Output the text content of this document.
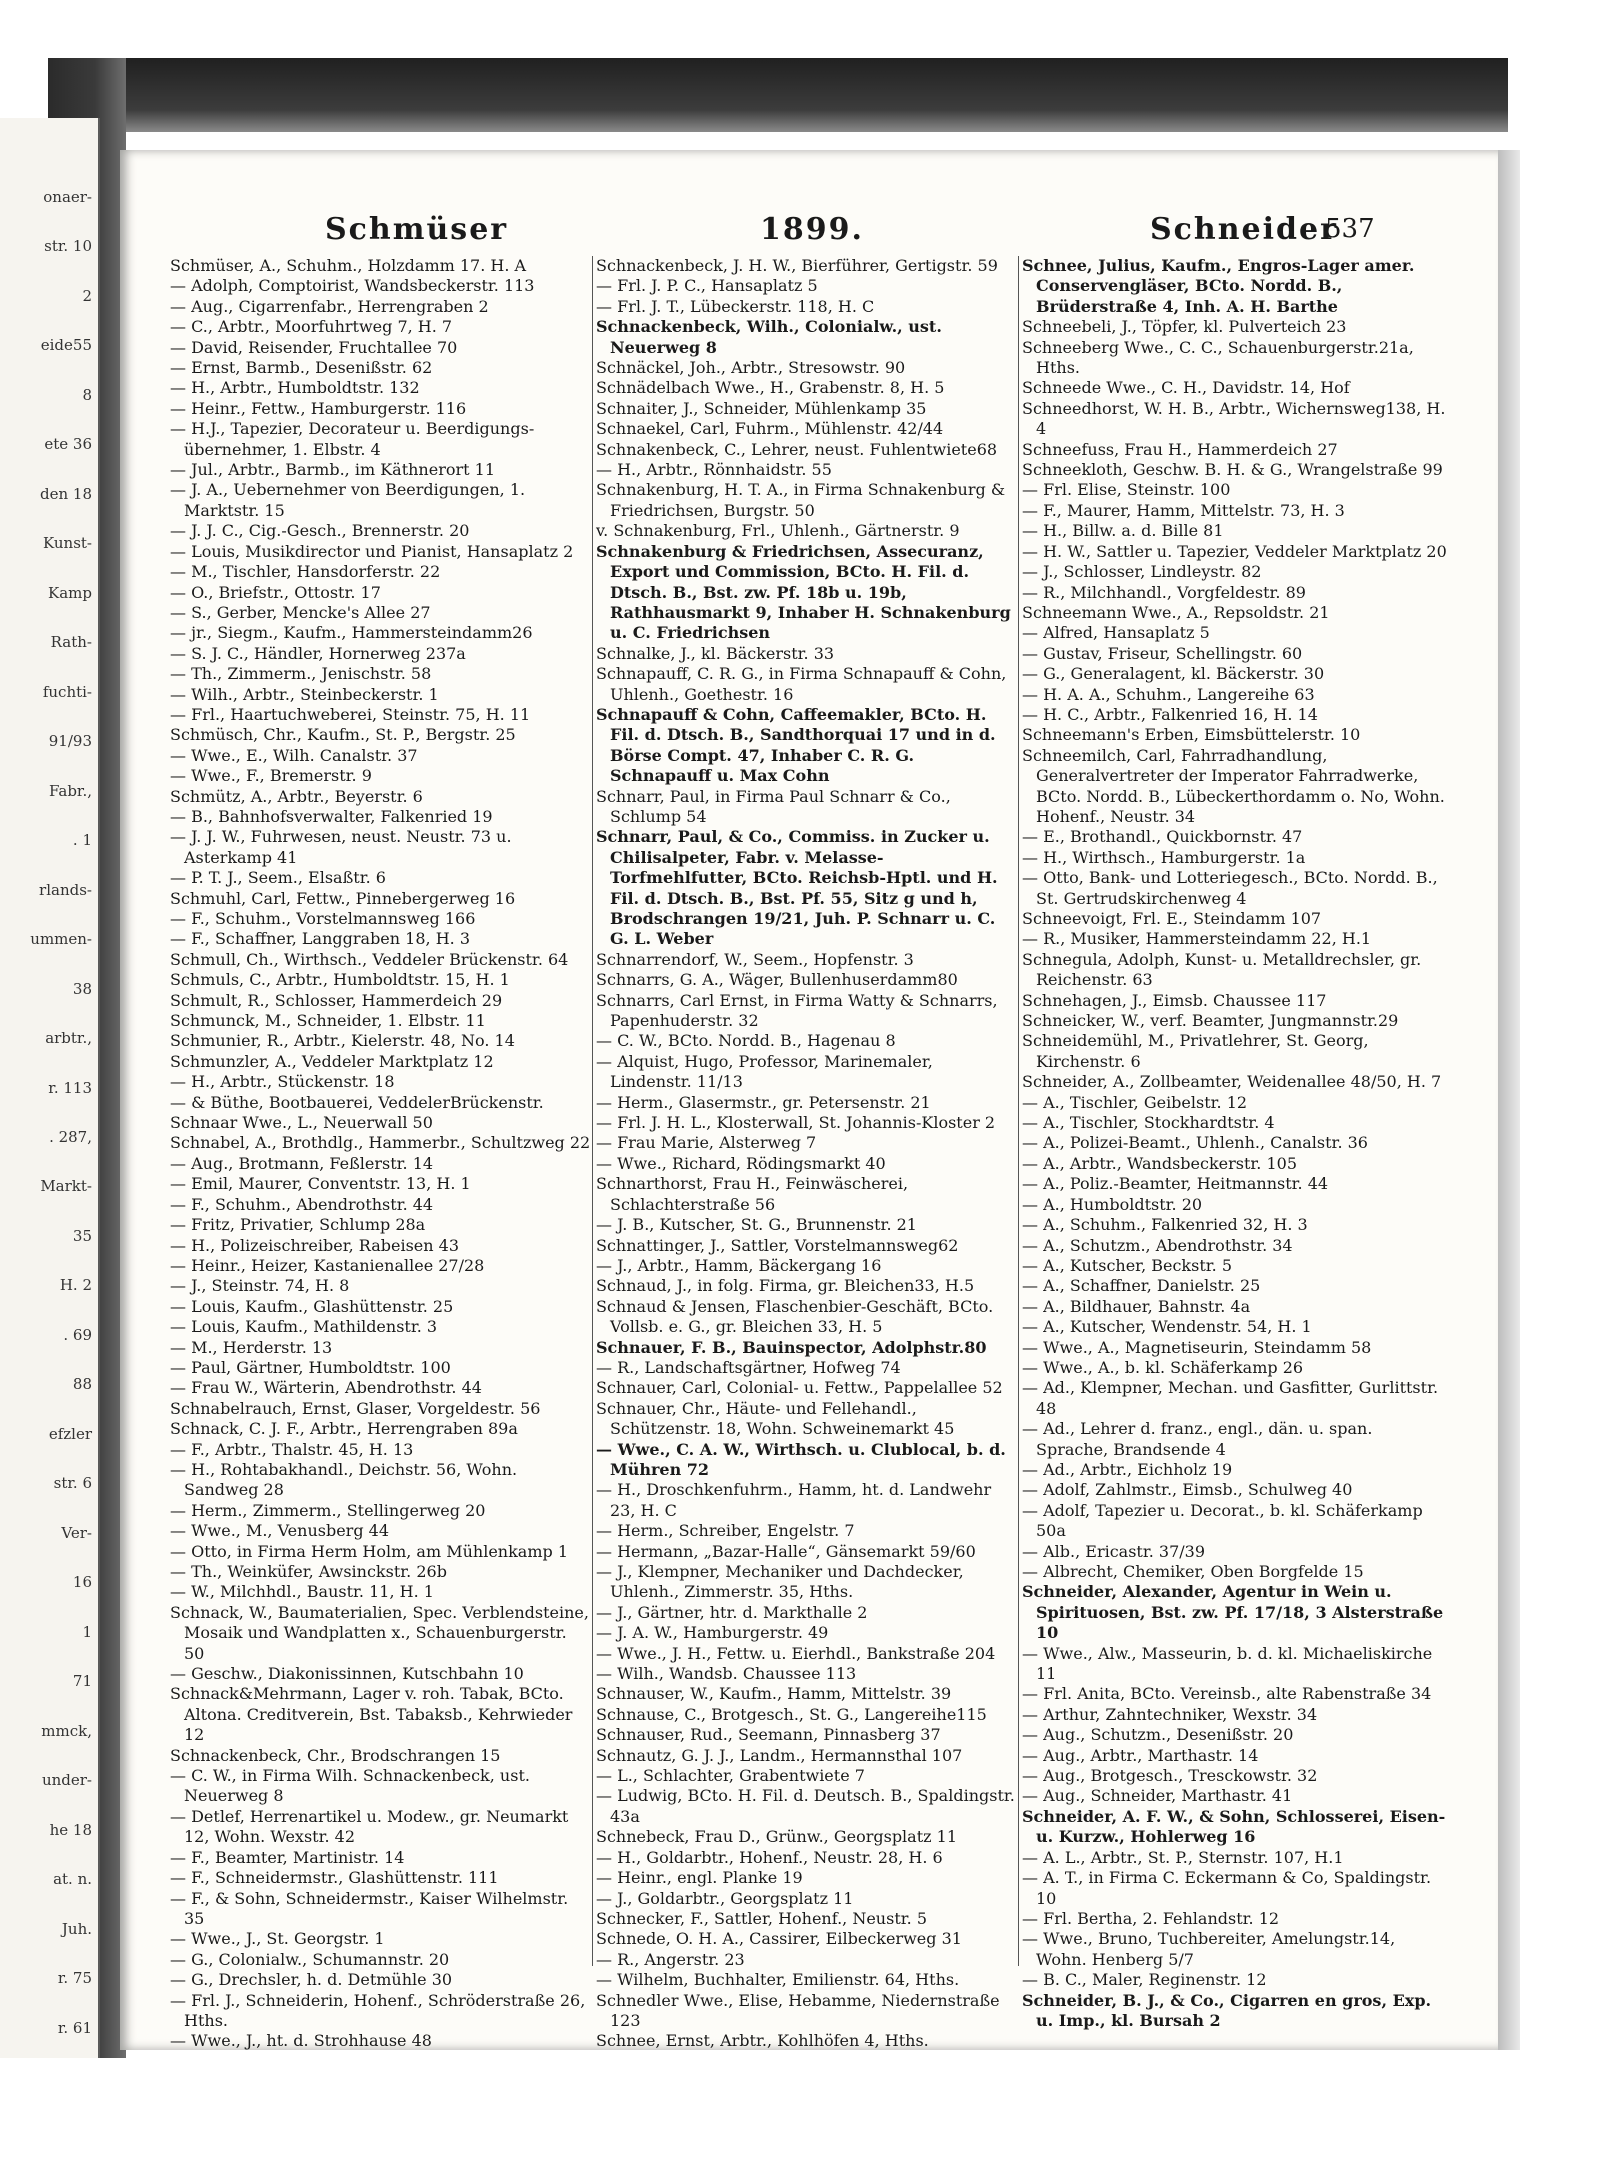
onaer-
str. 10
2
eide55
8
ete 36
den 18
Kunst-
Kamp
Rath-
fuchti-
91/93
Fabr.,
. 1
rlands-
ummen-
38
arbtr.,
r. 113
. 287,
Markt-
35
H. 2
. 69
88
efzler
str. 6
Ver-
16
1
71
mmck,
under-
he 18
at. n.
Juh.
r. 75
r. 61
Schmüser	1899.	Schneider
537

Schmüser, A., Schuhm., Holzdamm 17. H. A

— Adolph, Comptoirist, Wandsbeckerstr. 113

— Aug., Cigarrenfabr., Herrengraben 2

— C., Arbtr., Moorfuhrtweg 7, H. 7

— David, Reisender, Fruchtallee 70

— Ernst, Barmb., Desenißstr. 62

— H., Arbtr., Humboldtstr. 132

— Heinr., Fettw., Hamburgerstr. 116

— H.J., Tapezier, Decorateur u. Beerdigungs-übernehmer, 1. Elbstr. 4

— Jul., Arbtr., Barmb., im Käthnerort 11

— J. A., Uebernehmer von Beerdigungen, 1. Marktstr. 15

— J. J. C., Cig.-Gesch., Brennerstr. 20

— Louis, Musikdirector und Pianist, Hansaplatz 2

— M., Tischler, Hansdorferstr. 22

— O., Briefstr., Ottostr. 17

— S., Gerber, Mencke's Allee 27

— jr., Siegm., Kaufm., Hammersteindamm26

— S. J. C., Händler, Hornerweg 237a

— Th., Zimmerm., Jenischstr. 58

— Wilh., Arbtr., Steinbeckerstr. 1

— Frl., Haartuchweberei, Steinstr. 75, H. 11

Schmüsch, Chr., Kaufm., St. P., Bergstr. 25

— Wwe., E., Wilh. Canalstr. 37

— Wwe., F., Bremerstr. 9

Schmütz, A., Arbtr., Beyerstr. 6

— B., Bahnhofsverwalter, Falkenried 19

— J. J. W., Fuhrwesen, neust. Neustr. 73 u. Asterkamp 41

— P. T. J., Seem., Elsaßtr. 6

Schmuhl, Carl, Fettw., Pinnebergerweg 16

— F., Schuhm., Vorstelmannsweg 166

— F., Schaffner, Langgraben 18, H. 3

Schmull, Ch., Wirthsch., Veddeler Brückenstr. 64

Schmuls, C., Arbtr., Humboldtstr. 15, H. 1

Schmult, R., Schlosser, Hammerdeich 29

Schmunck, M., Schneider, 1. Elbstr. 11

Schmunier, R., Arbtr., Kielerstr. 48, No. 14

Schmunzler, A., Veddeler Marktplatz 12

— H., Arbtr., Stückenstr. 18

— & Büthe, Bootbauerei, VeddelerBrückenstr.

Schnaar Wwe., L., Neuerwall 50

Schnabel, A., Brothdlg., Hammerbr., Schultzweg 22

— Aug., Brotmann, Feßlerstr. 14

— Emil, Maurer, Conventstr. 13, H. 1

— F., Schuhm., Abendrothstr. 44

— Fritz, Privatier, Schlump 28a

— H., Polizeischreiber, Rabeisen 43

— Heinr., Heizer, Kastanienallee 27/28

— J., Steinstr. 74, H. 8

— Louis, Kaufm., Glashüttenstr. 25

— Louis, Kaufm., Mathildenstr. 3

— M., Herderstr. 13

— Paul, Gärtner, Humboldtstr. 100

— Frau W., Wärterin, Abendrothstr. 44

Schnabelrauch, Ernst, Glaser, Vorgeldestr. 56

Schnack, C. J. F., Arbtr., Herrengraben 89a

— F., Arbtr., Thalstr. 45, H. 13

— H., Rohtabakhandl., Deichstr. 56, Wohn. Sandweg 28

— Herm., Zimmerm., Stellingerweg 20

— Wwe., M., Venusberg 44

— Otto, in Firma Herm Holm, am Mühlenkamp 1

— Th., Weinküfer, Awsinckstr. 26b

— W., Milchhdl., Baustr. 11, H. 1

Schnack, W., Baumaterialien, Spec. Verblendsteine, Mosaik und Wandplatten x., Schauenburgerstr. 50

— Geschw., Diakonissinnen, Kutschbahn 10

Schnack&Mehrmann, Lager v. roh. Tabak, BCto. Altona. Creditverein, Bst. Tabaksb., Kehrwieder 12

Schnackenbeck, Chr., Brodschrangen 15

— C. W., in Firma Wilh. Schnackenbeck, ust. Neuerweg 8

— Detlef, Herrenartikel u. Modew., gr. Neumarkt 12, Wohn. Wexstr. 42

— F., Beamter, Martinistr. 14

— F., Schneidermstr., Glashüttenstr. 111

— F., & Sohn, Schneidermstr., Kaiser Wilhelmstr. 35

— Wwe., J., St. Georgstr. 1

— G., Colonialw., Schumannstr. 20

— G., Drechsler, h. d. Detmühle 30

— Frl. J., Schneiderin, Hohenf., Schröderstraße 26, Hths.

— Wwe., J., ht. d. Strohhause 48

Schnackenbeck, J. H. W., Bierführer, Gertigstr. 59

— Frl. J. P. C., Hansaplatz 5

— Frl. J. T., Lübeckerstr. 118, H. C

Schnackenbeck, Wilh., Colonialw., ust. Neuerweg 8

Schnäckel, Joh., Arbtr., Stresowstr. 90

Schnädelbach Wwe., H., Grabenstr. 8, H. 5

Schnaiter, J., Schneider, Mühlenkamp 35

Schnaekel, Carl, Fuhrm., Mühlenstr. 42/44

Schnakenbeck, C., Lehrer, neust. Fuhlentwiete68

— H., Arbtr., Rönnhaidstr. 55

Schnakenburg, H. T. A., in Firma Schnakenburg & Friedrichsen, Burgstr. 50

v. Schnakenburg, Frl., Uhlenh., Gärtnerstr. 9

Schnakenburg & Friedrichsen, Assecuranz, Export und Commission, BCto. H. Fil. d. Dtsch. B., Bst. zw. Pf. 18b u. 19b, Rathhausmarkt 9, Inhaber H. Schnakenburg u. C. Friedrichsen

Schnalke, J., kl. Bäckerstr. 33

Schnapauff, C. R. G., in Firma Schnapauff & Cohn, Uhlenh., Goethestr. 16

Schnapauff & Cohn, Caffeemakler, BCto. H. Fil. d. Dtsch. B., Sandthorquai 17 und in d. Börse Compt. 47, Inhaber C. R. G. Schnapauff u. Max Cohn

Schnarr, Paul, in Firma Paul Schnarr & Co., Schlump 54

Schnarr, Paul, & Co., Commiss. in Zucker u. Chilisalpeter, Fabr. v. Melasse-Torfmehlfutter, BCto. Reichsb-Hptl. und H. Fil. d. Dtsch. B., Bst. Pf. 55, Sitz g und h, Brodschrangen 19/21, Juh. P. Schnarr u. C. G. L. Weber

Schnarrendorf, W., Seem., Hopfenstr. 3

Schnarrs, G. A., Wäger, Bullenhuserdamm80

Schnarrs, Carl Ernst, in Firma Watty & Schnarrs, Papenhuderstr. 32

— C. W., BCto. Nordd. B., Hagenau 8

— Alquist, Hugo, Professor, Marinemaler, Lindenstr. 11/13

— Herm., Glasermstr., gr. Petersenstr. 21

— Frl. J. H. L., Klosterwall, St. Johannis-Kloster 2

— Frau Marie, Alsterweg 7

— Wwe., Richard, Rödingsmarkt 40

Schnarthorst, Frau H., Feinwäscherei, Schlachterstraße 56

— J. B., Kutscher, St. G., Brunnenstr. 21

Schnattinger, J., Sattler, Vorstelmannsweg62

— J., Arbtr., Hamm, Bäckergang 16

Schnaud, J., in folg. Firma, gr. Bleichen33, H.5

Schnaud & Jensen, Flaschenbier-Geschäft, BCto. Vollsb. e. G., gr. Bleichen 33, H. 5

Schnauer, F. B., Bauinspector, Adolphstr.80

— R., Landschaftsgärtner, Hofweg 74

Schnauer, Carl, Colonial- u. Fettw., Pappelallee 52

Schnauer, Chr., Häute- und Fellehandl., Schützenstr. 18, Wohn. Schweinemarkt 45

— Wwe., C. A. W., Wirthsch. u. Clublocal, b. d. Mühren 72

— H., Droschkenfuhrm., Hamm, ht. d. Landwehr 23, H. C

— Herm., Schreiber, Engelstr. 7

— Hermann, „Bazar-Halle“, Gänsemarkt 59/60

— J., Klempner, Mechaniker und Dachdecker, Uhlenh., Zimmerstr. 35, Hths.

— J., Gärtner, htr. d. Markthalle 2

— J. A. W., Hamburgerstr. 49

— Wwe., J. H., Fettw. u. Eierhdl., Bankstraße 204

— Wilh., Wandsb. Chaussee 113

Schnauser, W., Kaufm., Hamm, Mittelstr. 39

Schnause, C., Brotgesch., St. G., Langereihe115

Schnauser, Rud., Seemann, Pinnasberg 37

Schnautz, G. J. J., Landm., Hermannsthal 107

— L., Schlachter, Grabentwiete 7

— Ludwig, BCto. H. Fil. d. Deutsch. B., Spaldingstr. 43a

Schnebeck, Frau D., Grünw., Georgsplatz 11

— H., Goldarbtr., Hohenf., Neustr. 28, H. 6

— Heinr., engl. Planke 19

— J., Goldarbtr., Georgsplatz 11

Schnecker, F., Sattler, Hohenf., Neustr. 5

Schnede, O. H. A., Cassirer, Eilbeckerweg 31

— R., Angerstr. 23

— Wilhelm, Buchhalter, Emilienstr. 64, Hths.

Schnedler Wwe., Elise, Hebamme, Niedernstraße 123

Schnee, Ernst, Arbtr., Kohlhöfen 4, Hths.

Schnee, Julius, Kaufm., Engros-Lager amer. Conservengläser, BCto. Nordd. B., Brüderstraße 4, Inh. A. H. Barthe

Schneebeli, J., Töpfer, kl. Pulverteich 23

Schneeberg Wwe., C. C., Schauenburgerstr.21a, Hths.

Schneede Wwe., C. H., Davidstr. 14, Hof

Schneedhorst, W. H. B., Arbtr., Wichernsweg138, H. 4

Schneefuss, Frau H., Hammerdeich 27

Schneekloth, Geschw. B. H. & G., Wrangelstraße 99

— Frl. Elise, Steinstr. 100

— F., Maurer, Hamm, Mittelstr. 73, H. 3

— H., Billw. a. d. Bille 81

— H. W., Sattler u. Tapezier, Veddeler Marktplatz 20

— J., Schlosser, Lindleystr. 82

— R., Milchhandl., Vorgfeldestr. 89

Schneemann Wwe., A., Repsoldstr. 21

— Alfred, Hansaplatz 5

— Gustav, Friseur, Schellingstr. 60

— G., Generalagent, kl. Bäckerstr. 30

— H. A. A., Schuhm., Langereihe 63

— H. C., Arbtr., Falkenried 16, H. 14

Schneemann's Erben, Eimsbüttelerstr. 10

Schneemilch, Carl, Fahrradhandlung, Generalvertreter der Imperator Fahrradwerke, BCto. Nordd. B., Lübeckerthordamm o. No, Wohn. Hohenf., Neustr. 34

— E., Brothandl., Quickbornstr. 47

— H., Wirthsch., Hamburgerstr. 1a

— Otto, Bank- und Lotteriegesch., BCto. Nordd. B., St. Gertrudskirchenweg 4

Schneevoigt, Frl. E., Steindamm 107

— R., Musiker, Hammersteindamm 22, H.1

Schnegula, Adolph, Kunst- u. Metalldrechsler, gr. Reichenstr. 63

Schnehagen, J., Eimsb. Chaussee 117

Schneicker, W., verf. Beamter, Jungmannstr.29

Schneidemühl, M., Privatlehrer, St. Georg, Kirchenstr. 6

Schneider, A., Zollbeamter, Weidenallee 48/50, H. 7

— A., Tischler, Geibelstr. 12

— A., Tischler, Stockhardtstr. 4

— A., Polizei-Beamt., Uhlenh., Canalstr. 36

— A., Arbtr., Wandsbeckerstr. 105

— A., Poliz.-Beamter, Heitmannstr. 44

— A., Humboldtstr. 20

— A., Schuhm., Falkenried 32, H. 3

— A., Schutzm., Abendrothstr. 34

— A., Kutscher, Beckstr. 5

— A., Schaffner, Danielstr. 25

— A., Bildhauer, Bahnstr. 4a

— A., Kutscher, Wendenstr. 54, H. 1

— Wwe., A., Magnetiseurin, Steindamm 58

— Wwe., A., b. kl. Schäferkamp 26

— Ad., Klempner, Mechan. und Gasfitter, Gurlittstr. 48

— Ad., Lehrer d. franz., engl., dän. u. span. Sprache, Brandsende 4

— Ad., Arbtr., Eichholz 19

— Adolf, Zahlmstr., Eimsb., Schulweg 40

— Adolf, Tapezier u. Decorat., b. kl. Schäferkamp 50a

— Alb., Ericastr. 37/39

— Albrecht, Chemiker, Oben Borgfelde 15

Schneider, Alexander, Agentur in Wein u. Spirituosen, Bst. zw. Pf. 17/18, 3 Alsterstraße 10

— Wwe., Alw., Masseurin, b. d. kl. Michaeliskirche 11

— Frl. Anita, BCto. Vereinsb., alte Rabenstraße 34

— Arthur, Zahntechniker, Wexstr. 34

— Aug., Schutzm., Desenißstr. 20

— Aug., Arbtr., Marthastr. 14

— Aug., Brotgesch., Tresckowstr. 32

— Aug., Schneider, Marthastr. 41

Schneider, A. F. W., & Sohn, Schlosserei, Eisen- u. Kurzw., Hohlerweg 16

— A. L., Arbtr., St. P., Sternstr. 107, H.1

— A. T., in Firma C. Eckermann & Co, Spaldingstr. 10

— Frl. Bertha, 2. Fehlandstr. 12

— Wwe., Bruno, Tuchbereiter, Amelungstr.14, Wohn. Henberg 5/7

— B. C., Maler, Reginenstr. 12

Schneider, B. J., & Co., Cigarren en gros, Exp. u. Imp., kl. Bursah 2
